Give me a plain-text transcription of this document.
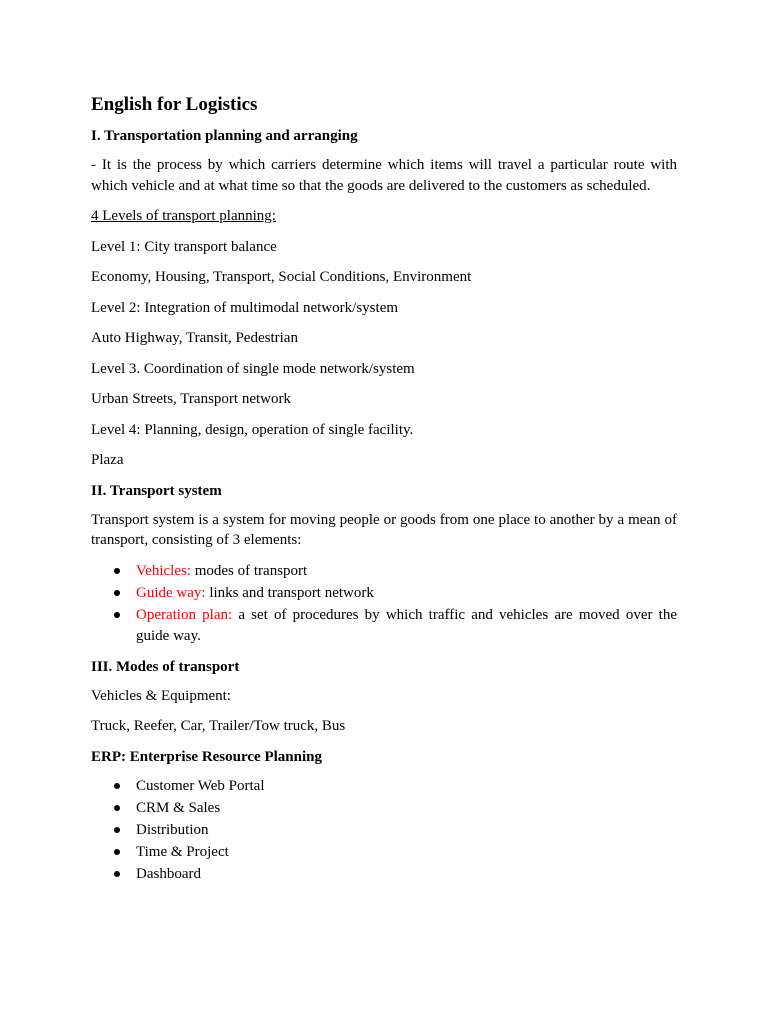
English for Logistics
I. Transportation planning and arranging
- It is the process by which carriers determine which items will travel a particular route with which vehicle and at what time so that the goods are delivered to the customers as scheduled.
4 Levels of transport planning:
Level 1: City transport balance
Economy, Housing, Transport, Social Conditions, Environment
Level 2: Integration of multimodal network/system
Auto Highway, Transit, Pedestrian
Level 3. Coordination of single mode network/system
Urban Streets, Transport network
Level 4: Planning, design, operation of single facility.
Plaza
II. Transport system
Transport system is a system for moving people or goods from one place to another by a mean of transport, consisting of 3 elements:
Vehicles: modes of transport
Guide way: links and transport network
Operation plan: a set of procedures by which traffic and vehicles are moved over the guide way.
III. Modes of transport
Vehicles & Equipment:
Truck, Reefer, Car, Trailer/Tow truck, Bus
ERP: Enterprise Resource Planning
Customer Web Portal
CRM & Sales
Distribution
Time & Project
Dashboard
